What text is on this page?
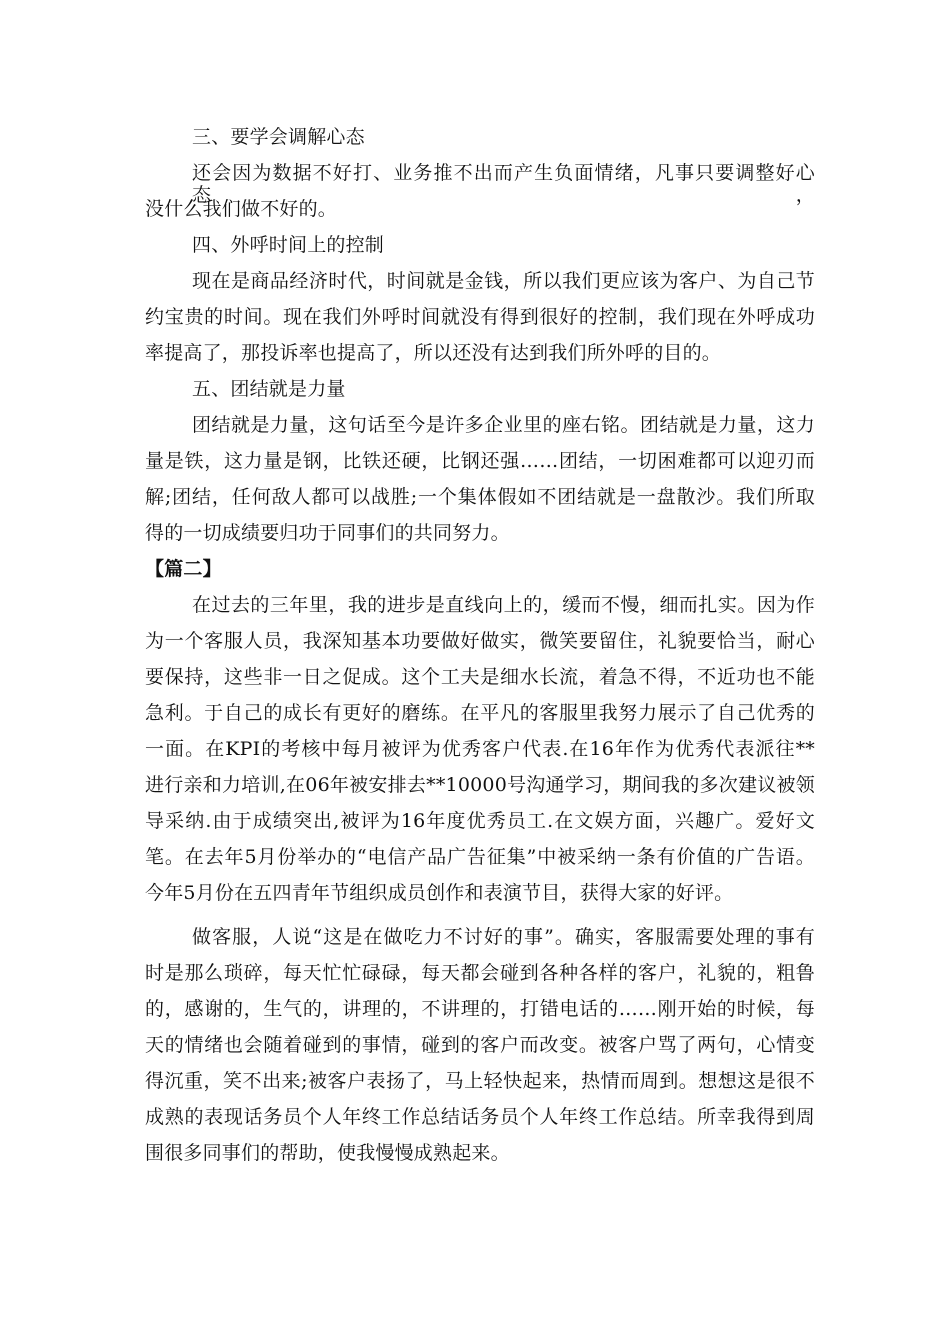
三、要学会调解心态
还会因为数据不好打、业务推不出而产生负面情绪，凡事只要调整好心态，
没什么我们做不好的。
四、外呼时间上的控制
现在是商品经济时代，时间就是金钱，所以我们更应该为客户、为自己节
约宝贵的时间。现在我们外呼时间就没有得到很好的控制，我们现在外呼成功
率提高了，那投诉率也提高了，所以还没有达到我们所外呼的目的。
五、团结就是力量
团结就是力量，这句话至今是许多企业里的座右铭。团结就是力量，这力
量是铁，这力量是钢，比铁还硬，比钢还强……团结，一切困难都可以迎刃而
解;团结，任何敌人都可以战胜;一个集体假如不团结就是一盘散沙。我们所取
得的一切成绩要归功于同事们的共同努力。
【篇二】
在过去的三年里，我的进步是直线向上的，缓而不慢，细而扎实。因为作
为一个客服人员，我深知基本功要做好做实，微笑要留住，礼貌要恰当，耐心
要保持，这些非一日之促成。这个工夫是细水长流，着急不得，不近功也不能
急利。于自己的成长有更好的磨练。在平凡的客服里我努力展示了自己优秀的
一面。在KPI的考核中每月被评为优秀客户代表.在16年作为优秀代表派往**
进行亲和力培训,在06年被安排去**10000号沟通学习，期间我的多次建议被领
导采纳.由于成绩突出,被评为16年度优秀员工.在文娱方面，兴趣广。爱好文
笔。在去年5月份举办的“电信产品广告征集”中被采纳一条有价值的广告语。
今年5月份在五四青年节组织成员创作和表演节目，获得大家的好评。
做客服，人说“这是在做吃力不讨好的事”。确实，客服需要处理的事有
时是那么琐碎，每天忙忙碌碌，每天都会碰到各种各样的客户，礼貌的，粗鲁
的，感谢的，生气的，讲理的，不讲理的，打错电话的……刚开始的时候，每
天的情绪也会随着碰到的事情，碰到的客户而改变。被客户骂了两句，心情变
得沉重，笑不出来;被客户表扬了，马上轻快起来，热情而周到。想想这是很不
成熟的表现话务员个人年终工作总结话务员个人年终工作总结。所幸我得到周
围很多同事们的帮助，使我慢慢成熟起来。
